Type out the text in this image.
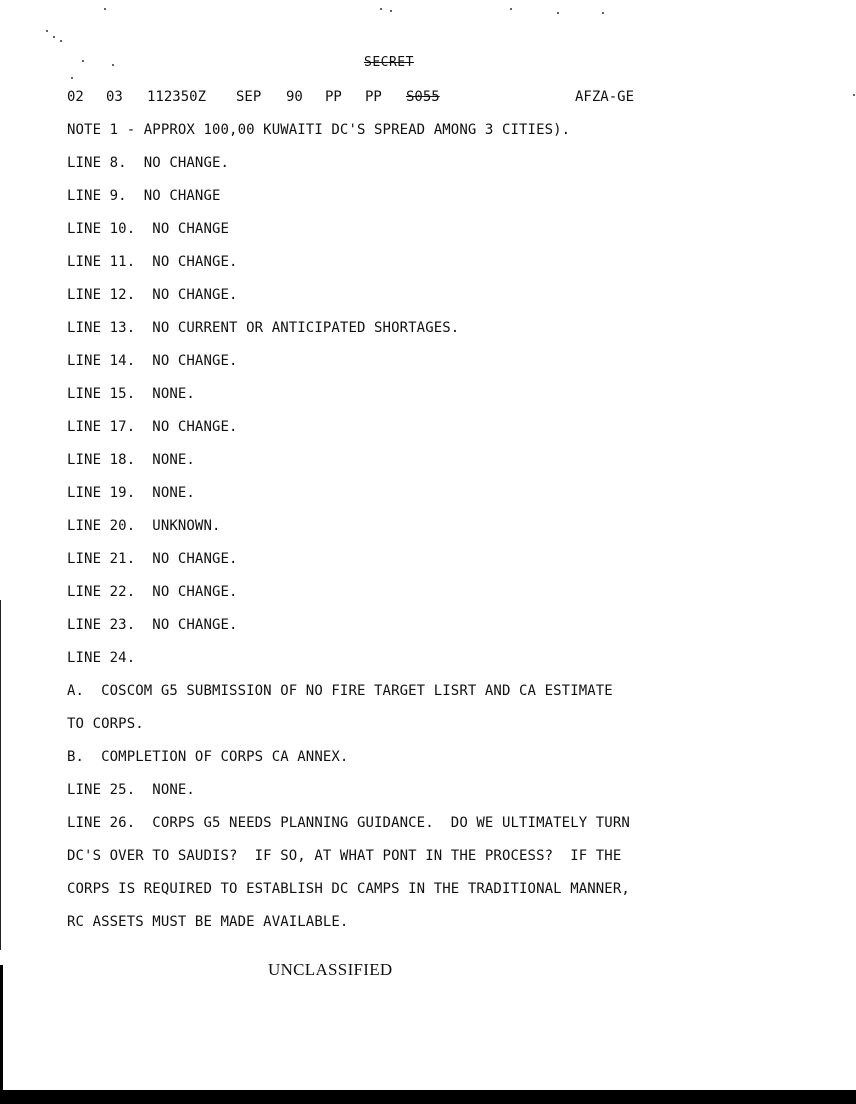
SECRET

02

03

112350Z

SEP

90

PP

PP

S055

	AFZA-GE

NOTE 1 - APPROX 100,00 KUWAITI DC'S SPREAD AMONG 3 CITIES).
LINE 8.  NO CHANGE.
LINE 9.  NO CHANGE
LINE 10.  NO CHANGE
LINE 11.  NO CHANGE.
LINE 12.  NO CHANGE.
LINE 13.  NO CURRENT OR ANTICIPATED SHORTAGES.
LINE 14.  NO CHANGE.
LINE 15.  NONE.
LINE 17.  NO CHANGE.
LINE 18.  NONE.
LINE 19.  NONE.
LINE 20.  UNKNOWN.
LINE 21.  NO CHANGE.
LINE 22.  NO CHANGE.
LINE 23.  NO CHANGE.
LINE 24.
A.  COSCOM G5 SUBMISSION OF NO FIRE TARGET LISRT AND CA ESTIMATE
TO CORPS.
B.  COMPLETION OF CORPS CA ANNEX.
LINE 25.  NONE.
LINE 26.  CORPS G5 NEEDS PLANNING GUIDANCE.  DO WE ULTIMATELY TURN
DC'S OVER TO SAUDIS?  IF SO, AT WHAT PONT IN THE PROCESS?  IF THE
CORPS IS REQUIRED TO ESTABLISH DC CAMPS IN THE TRADITIONAL MANNER,
RC ASSETS MUST BE MADE AVAILABLE.
UNCLASSIFIED
